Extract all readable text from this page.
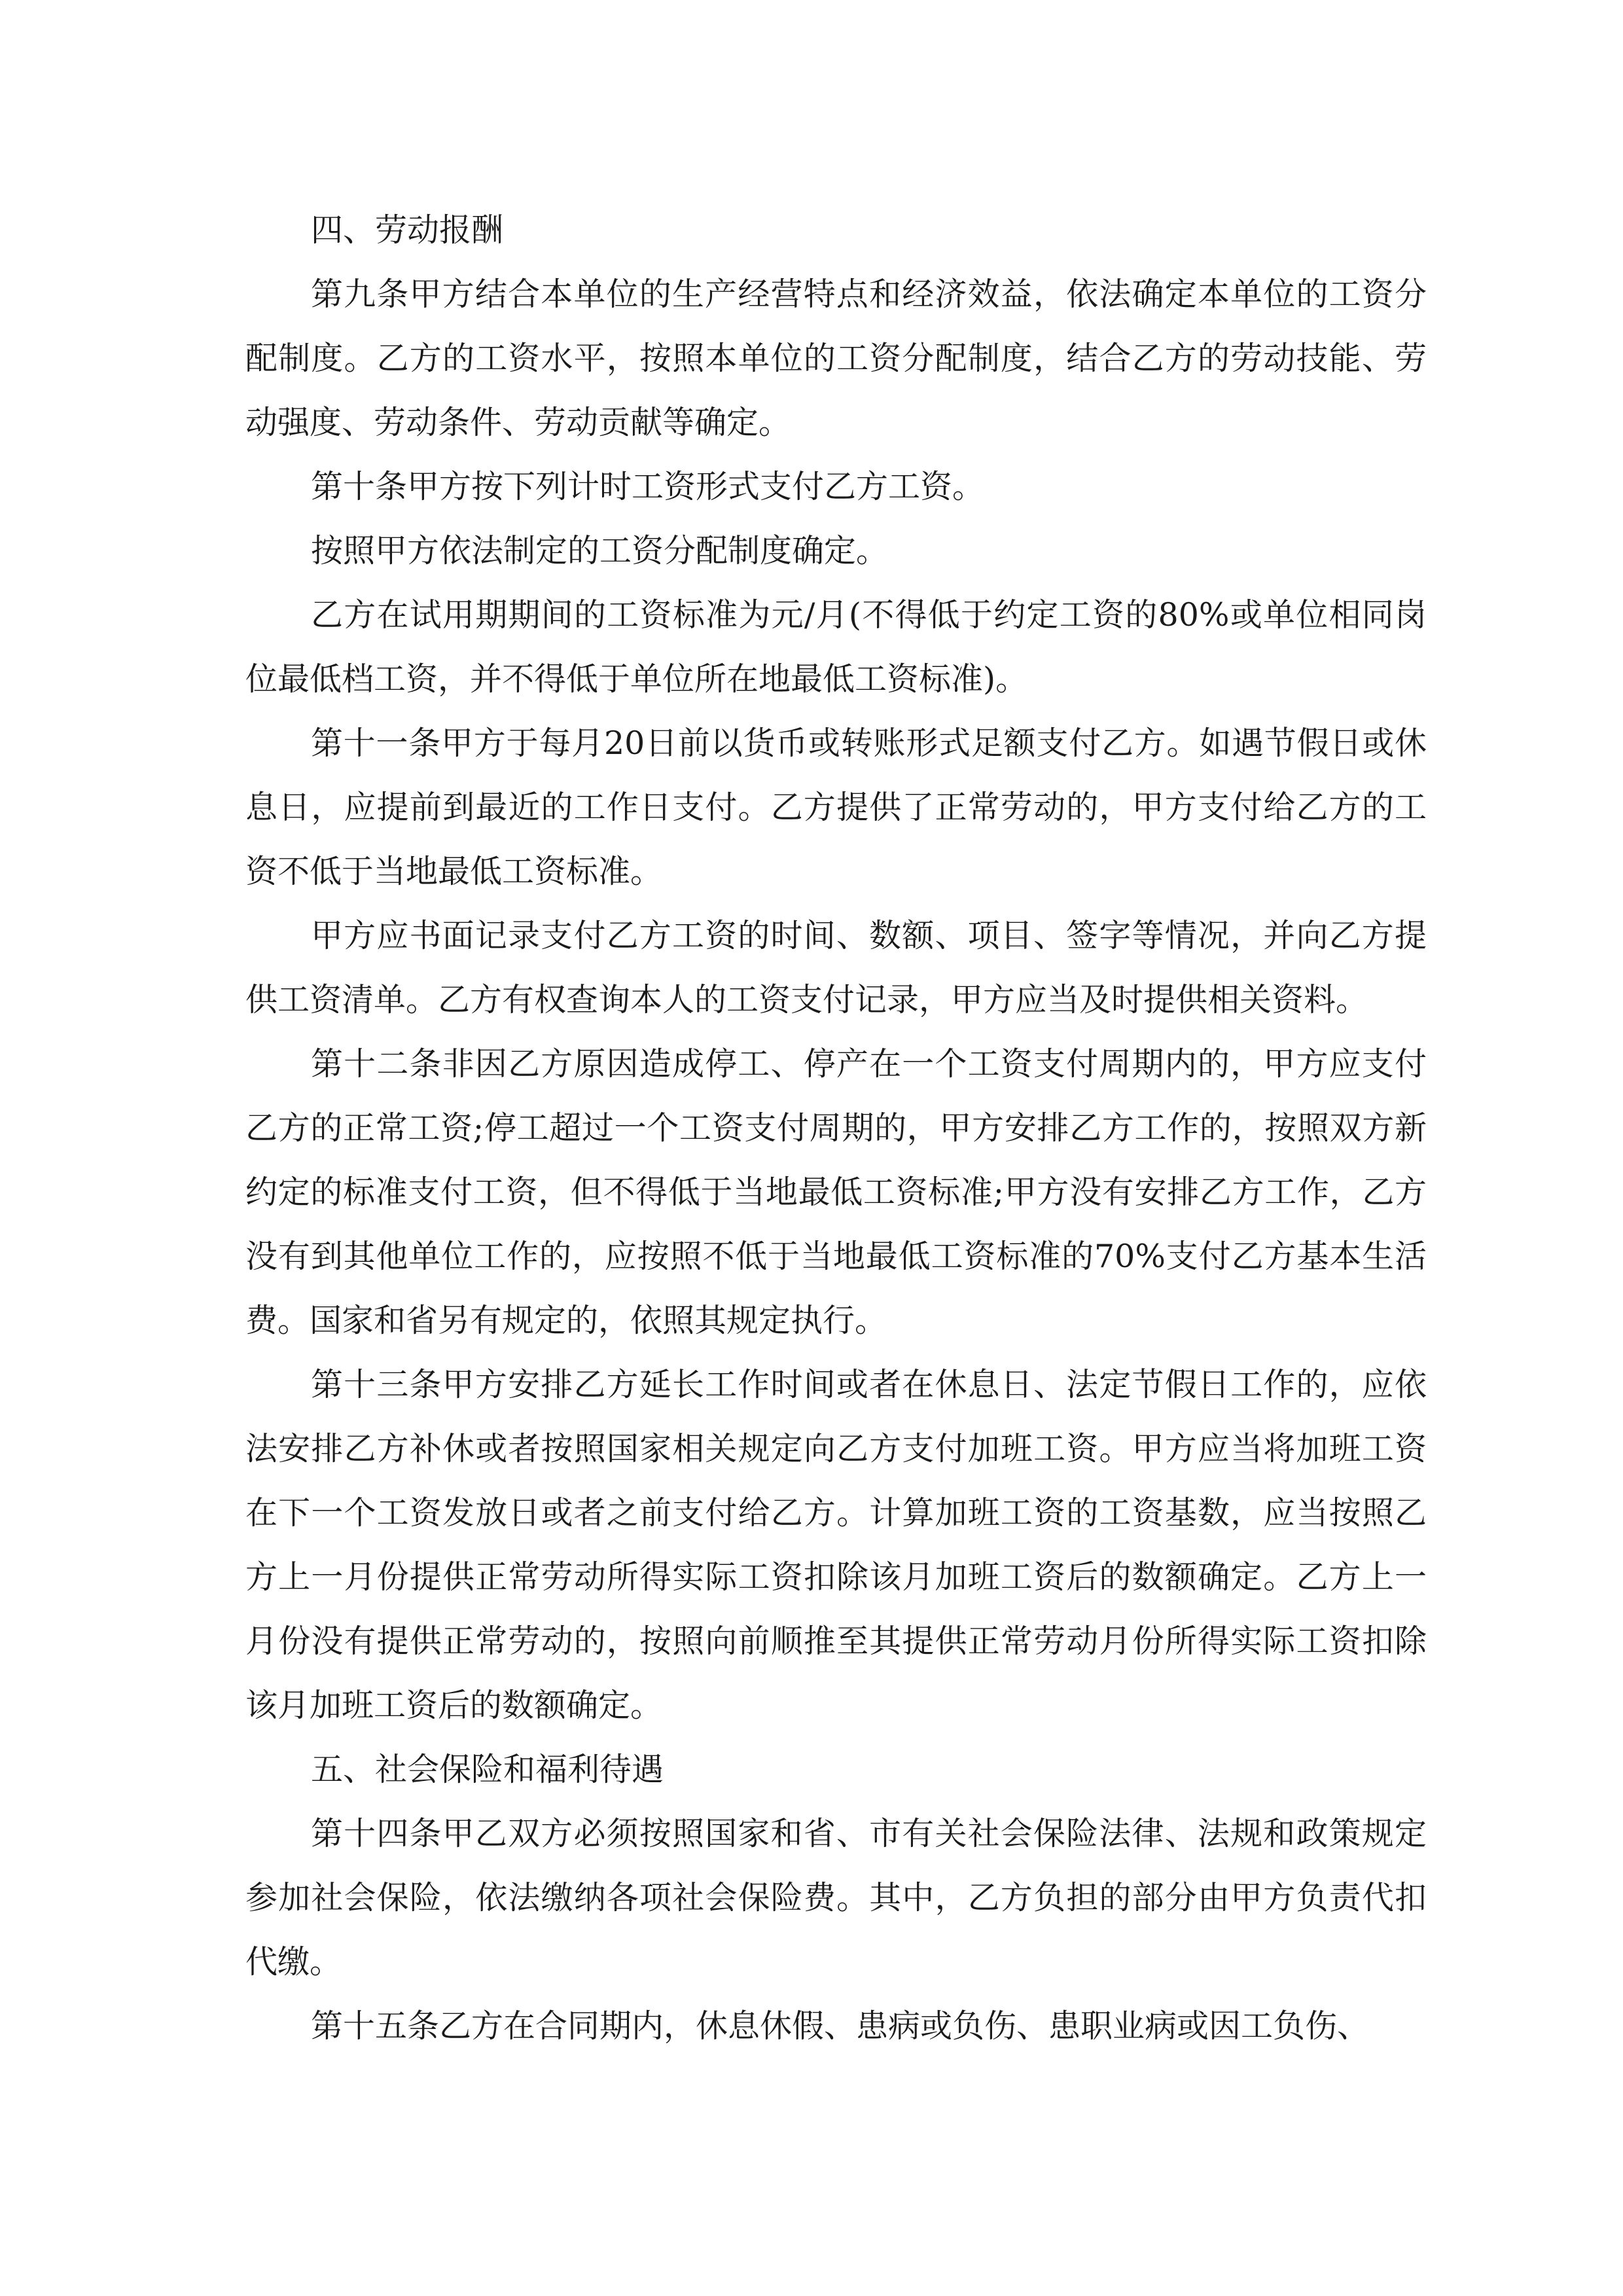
四、劳动报酬

第九条甲方结合本单位的生产经营特点和经济效益，依法确定本单位的工资分配制度。乙方的工资水平，按照本单位的工资分配制度，结合乙方的劳动技能、劳动强度、劳动条件、劳动贡献等确定。

第十条甲方按下列计时工资形式支付乙方工资。

按照甲方依法制定的工资分配制度确定。

乙方在试用期期间的工资标准为元/月(不得低于约定工资的80%或单位相同岗位最低档工资，并不得低于单位所在地最低工资标准)。

第十一条甲方于每月20日前以货币或转账形式足额支付乙方。如遇节假日或休息日，应提前到最近的工作日支付。乙方提供了正常劳动的，甲方支付给乙方的工资不低于当地最低工资标准。

甲方应书面记录支付乙方工资的时间、数额、项目、签字等情况，并向乙方提供工资清单。乙方有权查询本人的工资支付记录，甲方应当及时提供相关资料。

第十二条非因乙方原因造成停工、停产在一个工资支付周期内的，甲方应支付乙方的正常工资;停工超过一个工资支付周期的，甲方安排乙方工作的，按照双方新约定的标准支付工资，但不得低于当地最低工资标准;甲方没有安排乙方工作，乙方没有到其他单位工作的，应按照不低于当地最低工资标准的70%支付乙方基本生活费。国家和省另有规定的，依照其规定执行。

第十三条甲方安排乙方延长工作时间或者在休息日、法定节假日工作的，应依法安排乙方补休或者按照国家相关规定向乙方支付加班工资。甲方应当将加班工资在下一个工资发放日或者之前支付给乙方。计算加班工资的工资基数，应当按照乙方上一月份提供正常劳动所得实际工资扣除该月加班工资后的数额确定。乙方上一月份没有提供正常劳动的，按照向前顺推至其提供正常劳动月份所得实际工资扣除该月加班工资后的数额确定。

五、社会保险和福利待遇

第十四条甲乙双方必须按照国家和省、市有关社会保险法律、法规和政策规定参加社会保险，依法缴纳各项社会保险费。其中，乙方负担的部分由甲方负责代扣代缴。

第十五条乙方在合同期内，休息休假、患病或负伤、患职业病或因工负伤、
